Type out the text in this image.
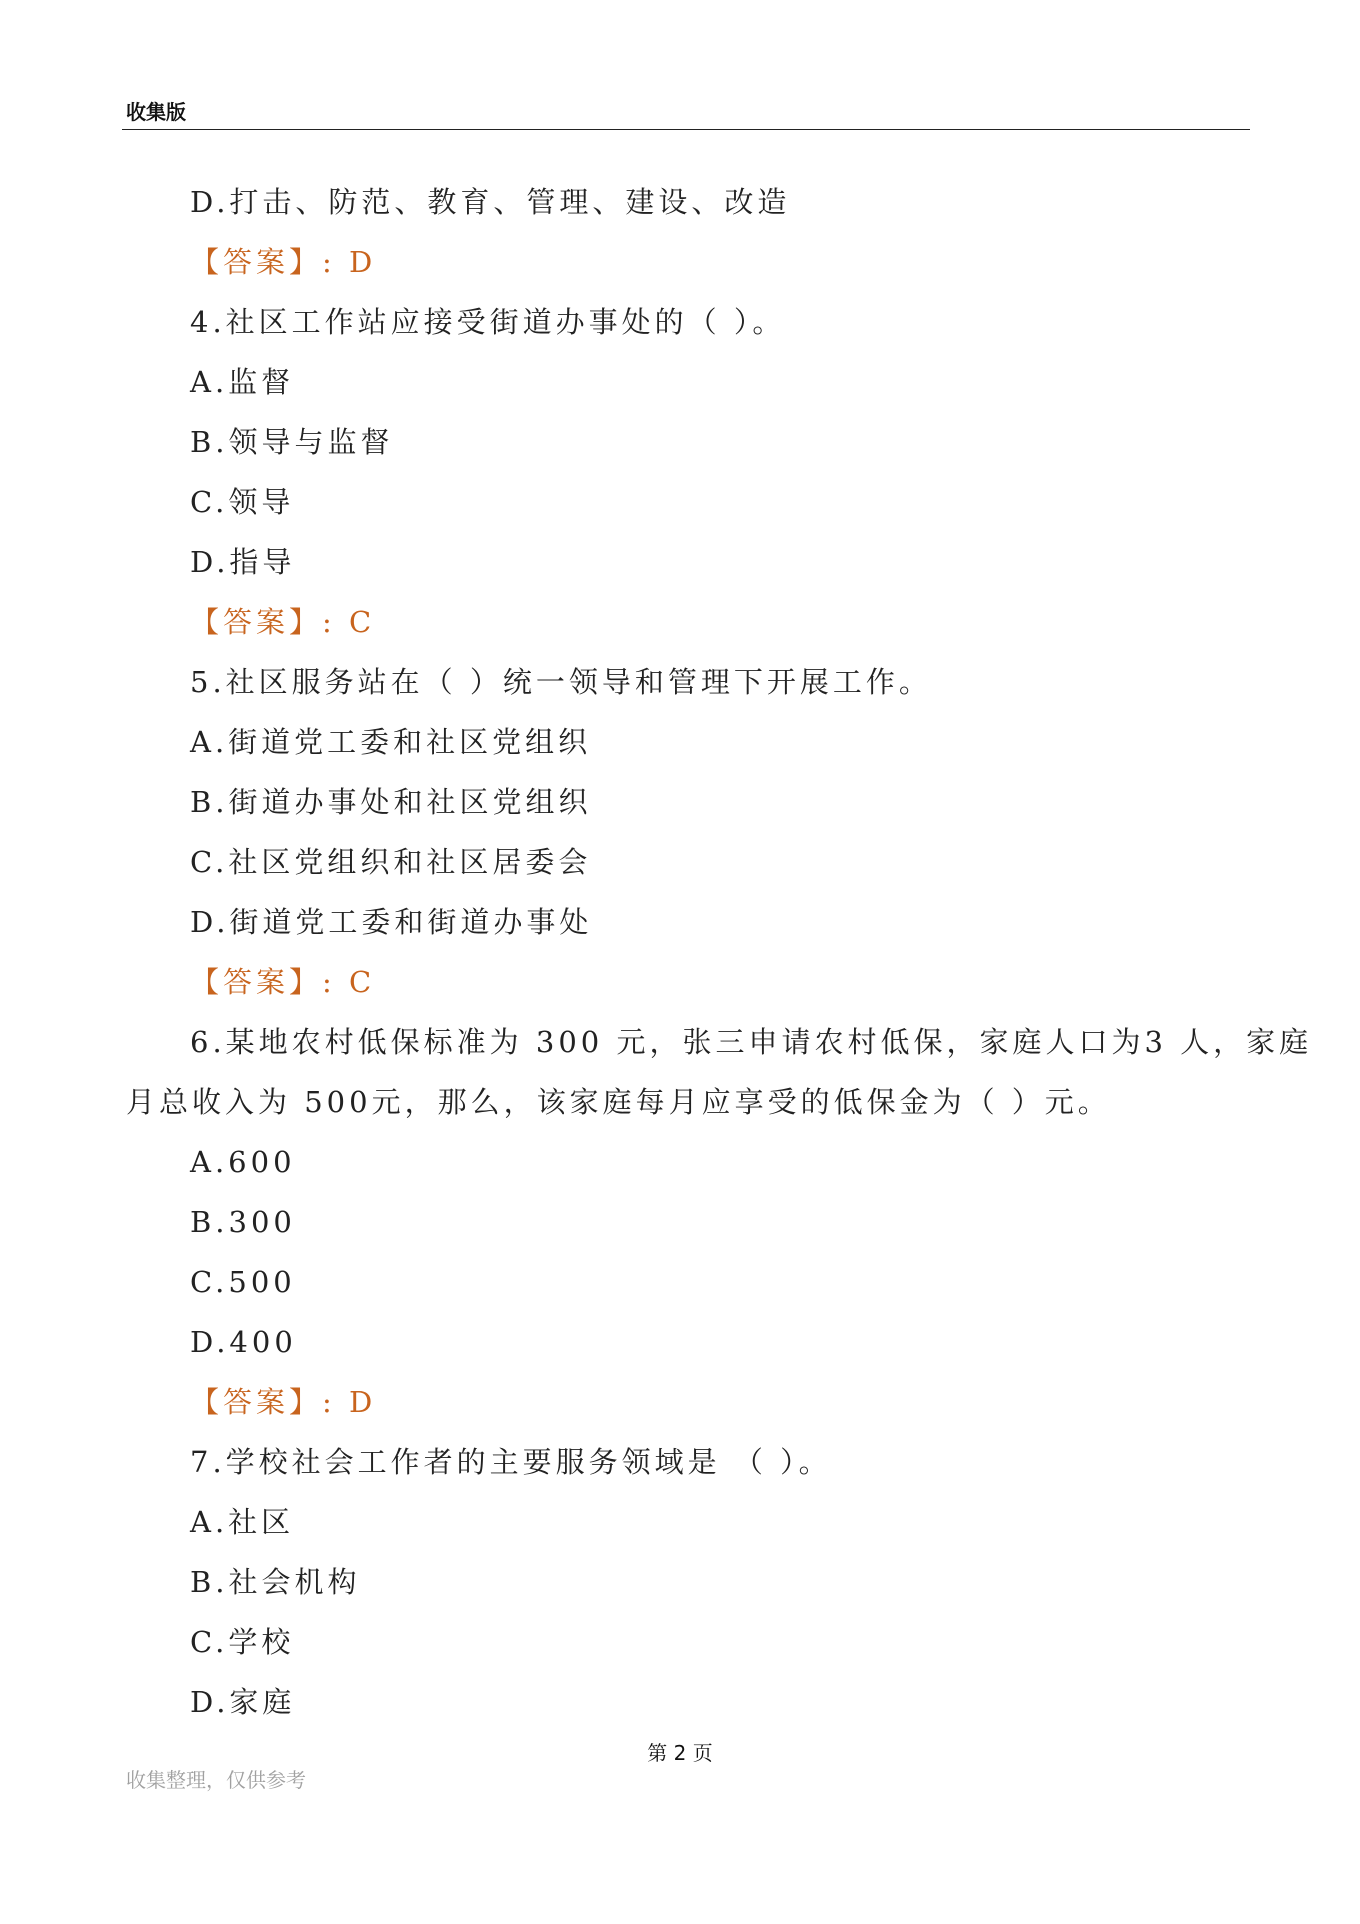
收集版
D.打击、防范、教育、管理、建设、改造
【答案】: D
4.社区工作站应接受街道办事处的（ ）。
A.监督
B.领导与监督
C.领导
D.指导
【答案】: C
5.社区服务站在（ ）统一领导和管理下开展工作。
A.街道党工委和社区党组织
B.街道办事处和社区党组织
C.社区党组织和社区居委会
D.街道党工委和街道办事处
【答案】: C
6.某地农村低保标准为 300 元，张三申请农村低保，家庭人口为3 人，家庭
月总收入为 500元，那么，该家庭每月应享受的低保金为（ ）元。
A.600
B.300
C.500
D.400
【答案】: D
7.学校社会工作者的主要服务领域是 （ ）。
A.社区
B.社会机构
C.学校
D.家庭
第 2 页
收集整理，仅供参考
